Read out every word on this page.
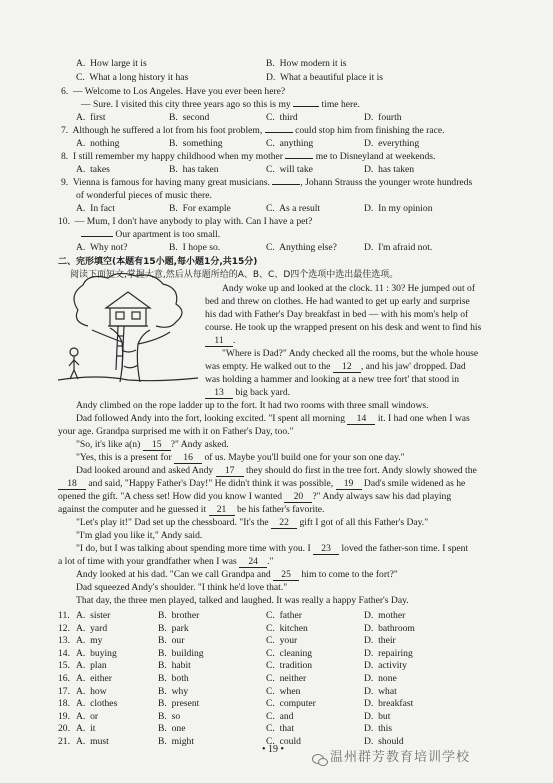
A.  How large it is	B.  How modern it is
C.  What a long history it has	D.  What a beautiful place it is
6.  — Welcome to Los Angeles. Have you ever been here?
— Sure. I visited this city three years ago so this is my	time here.
A.  first	B.  second	C.  third	D.  fourth
7.  Although he suffered a lot from his foot problem,	could stop him from finishing the race.
A.  nothing	B.  something	C.  anything	D.  everything
8.  I still remember my happy childhood when my mother	me to Disneyland at weekends.
A.  takes	B.  has taken	C.  will take	D.  has taken
9.  Vienna is famous for having many great musicians.	, Johann Strauss the younger wrote hundreds
of wonderful pieces of music there.
A.  In fact	B.  For example	C.  As a result	D.  In my opinion
10.  — Mum, I don't have anybody to play with. Can I have a pet?
Our apartment is too small.
A.  Why not?	B.  I hope so.	C.  Anything else?	D.  I'm afraid not.
二、完形填空(本题有15小题,每小题1分,共15分)
阅读下面短文,掌握大意,然后从每题所给的A、B、C、D四个选项中选出最佳选项。
Andy woke up and looked at the clock. 11 : 30? He jumped out of
bed and threw on clothes. He had wanted to get up early and surprise
his dad with Father's Day breakfast in bed — with his mom's help of
course. He took up the wrapped present on his desk and went to find his
11 .
"Where is Dad?" Andy checked all the rooms, but the whole house
was empty. He walked out to the 12 , and his jaw' dropped. Dad
was holding a hammer and looking at a new tree fort' that stood in
13 big back yard.
Andy climbed on the rope ladder up to the fort. It had two rooms with three small windows.
Dad followed Andy into the fort, looking excited. "I spent all morning 14 it. I had one when I was
your age. Grandpa surprised me with it on Father's Day, too."
"So, it's like a(n) 15 ?" Andy asked.
"Yes, this is a present for 16 of us. Maybe you'll build one for your son one day."
Dad looked around and asked Andy 17 they should do first in the tree fort. Andy slowly showed the
18 and said, "Happy Father's Day!" He didn't think it was possible, 19 Dad's smile widened as he
opened the gift. "A chess set! How did you know I wanted 20 ?" Andy always saw his dad playing
against the computer and he guessed it 21 be his father's favorite.
"Let's play it!" Dad set up the chessboard. "It's the 22 gift I got of all this Father's Day."
"I'm glad you like it," Andy said.
"I do, but I was talking about spending more time with you. I 23 loved the father-son time. I spent
a lot of time with your grandfather when I was 24 ."
Andy looked at his dad. "Can we call Grandpa and 25 him to come to the fort?"
Dad squeezed Andy's shoulder. "I think he'd love that."
That day, the three men played, talked and laughed. It was really a happy Father's Day.
11. A.  sister	B.  brother	C.  father	D.  mother
12. A.  yard	B.  park	C.  kitchen	D.  bathroom
13. A.  my	B.  our	C.  your	D.  their
14. A.  buying	B.  building	C.  cleaning	D.  repairing
15. A.  plan	B.  habit	C.  tradition	D.  activity
16. A.  either	B.  both	C.  neither	D.  none
17. A.  how	B.  why	C.  when	D.  what
18. A.  clothes	B.  present	C.  computer	D.  breakfast
19. A.  or	B.  so	C.  and	D.  but
20. A.  it	B.  one	C.  that	D.  this
21. A.  must	B.  might	C.  could	D.  should
• 19 •
温州群芳教育培训学校
